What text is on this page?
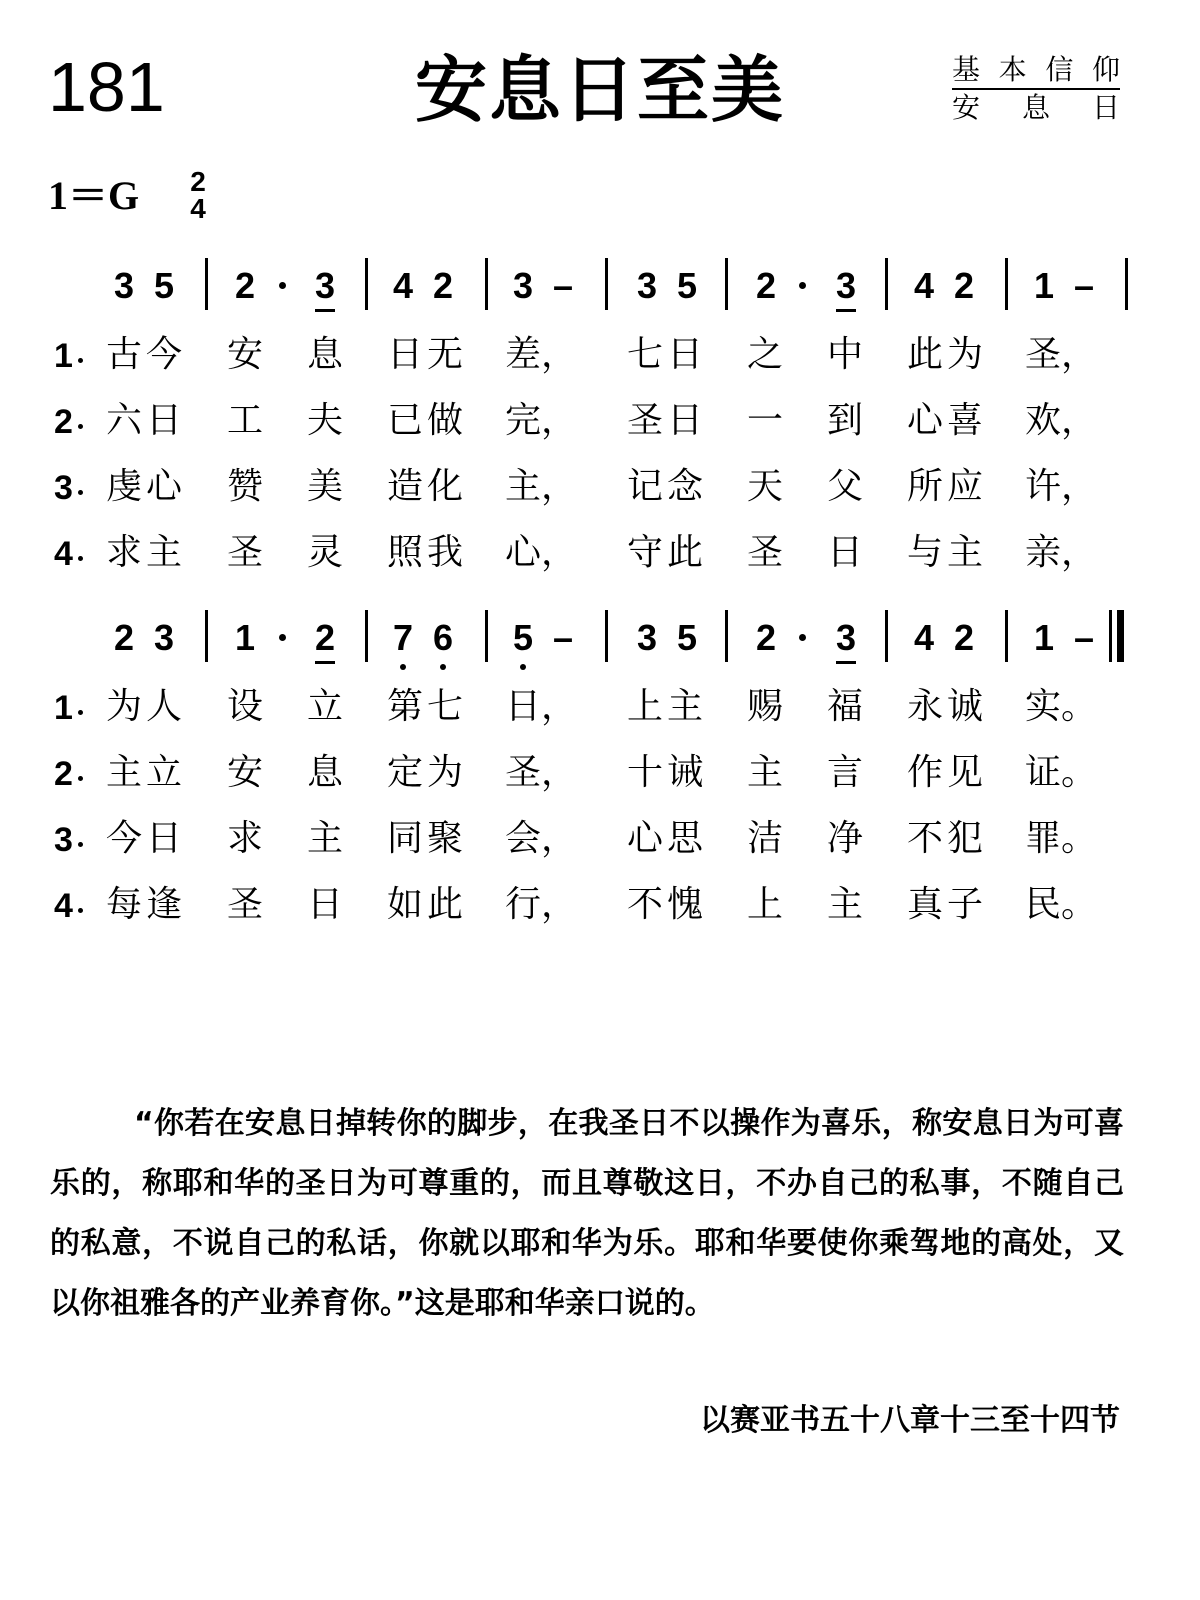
181	安息日至美	基 本 信 仰
安 息 日
1＝G 2
4
3 5 2 3 4 2 3 – 3 5 2 3 4 2 1 –
1 古 今 安 息 日 无 差， 七 日 之 中 此 为 圣，
2 六 日 工 夫 已 做 完， 圣 日 一 到 心 喜 欢，
3 虔 心 赞 美 造 化 主， 记 念 天 父 所 应 许，
4 求 主 圣 灵 照 我 心， 守 此 圣 日 与 主 亲，
2 3 1 2 7 6 5 – 3 5 2 3 4 2 1 –
1 为 人 设 立 第 七 日， 上 主 赐 福 永 诚 实。
2 主 立 安 息 定 为 圣， 十 诫 主 言 作 见 证。
3 今 日 求 主 同 聚 会， 心 思 洁 净 不 犯 罪。
4 每 逢 圣 日 如 此 行， 不 愧 上 主 真 子 民。
“你若在安息日掉转你的脚步，在我圣日不以操作为喜乐，称安息日为可喜乐的，称耶和华的圣日为可尊重的，而且尊敬这日，不办自己的私事，不随自己的私意，不说自己的私话，你就以耶和华为乐。耶和华要使你乘驾地的高处，又以你祖雅各的产业养育你。”这是耶和华亲口说的。
以赛亚书五十八章十三至十四节
